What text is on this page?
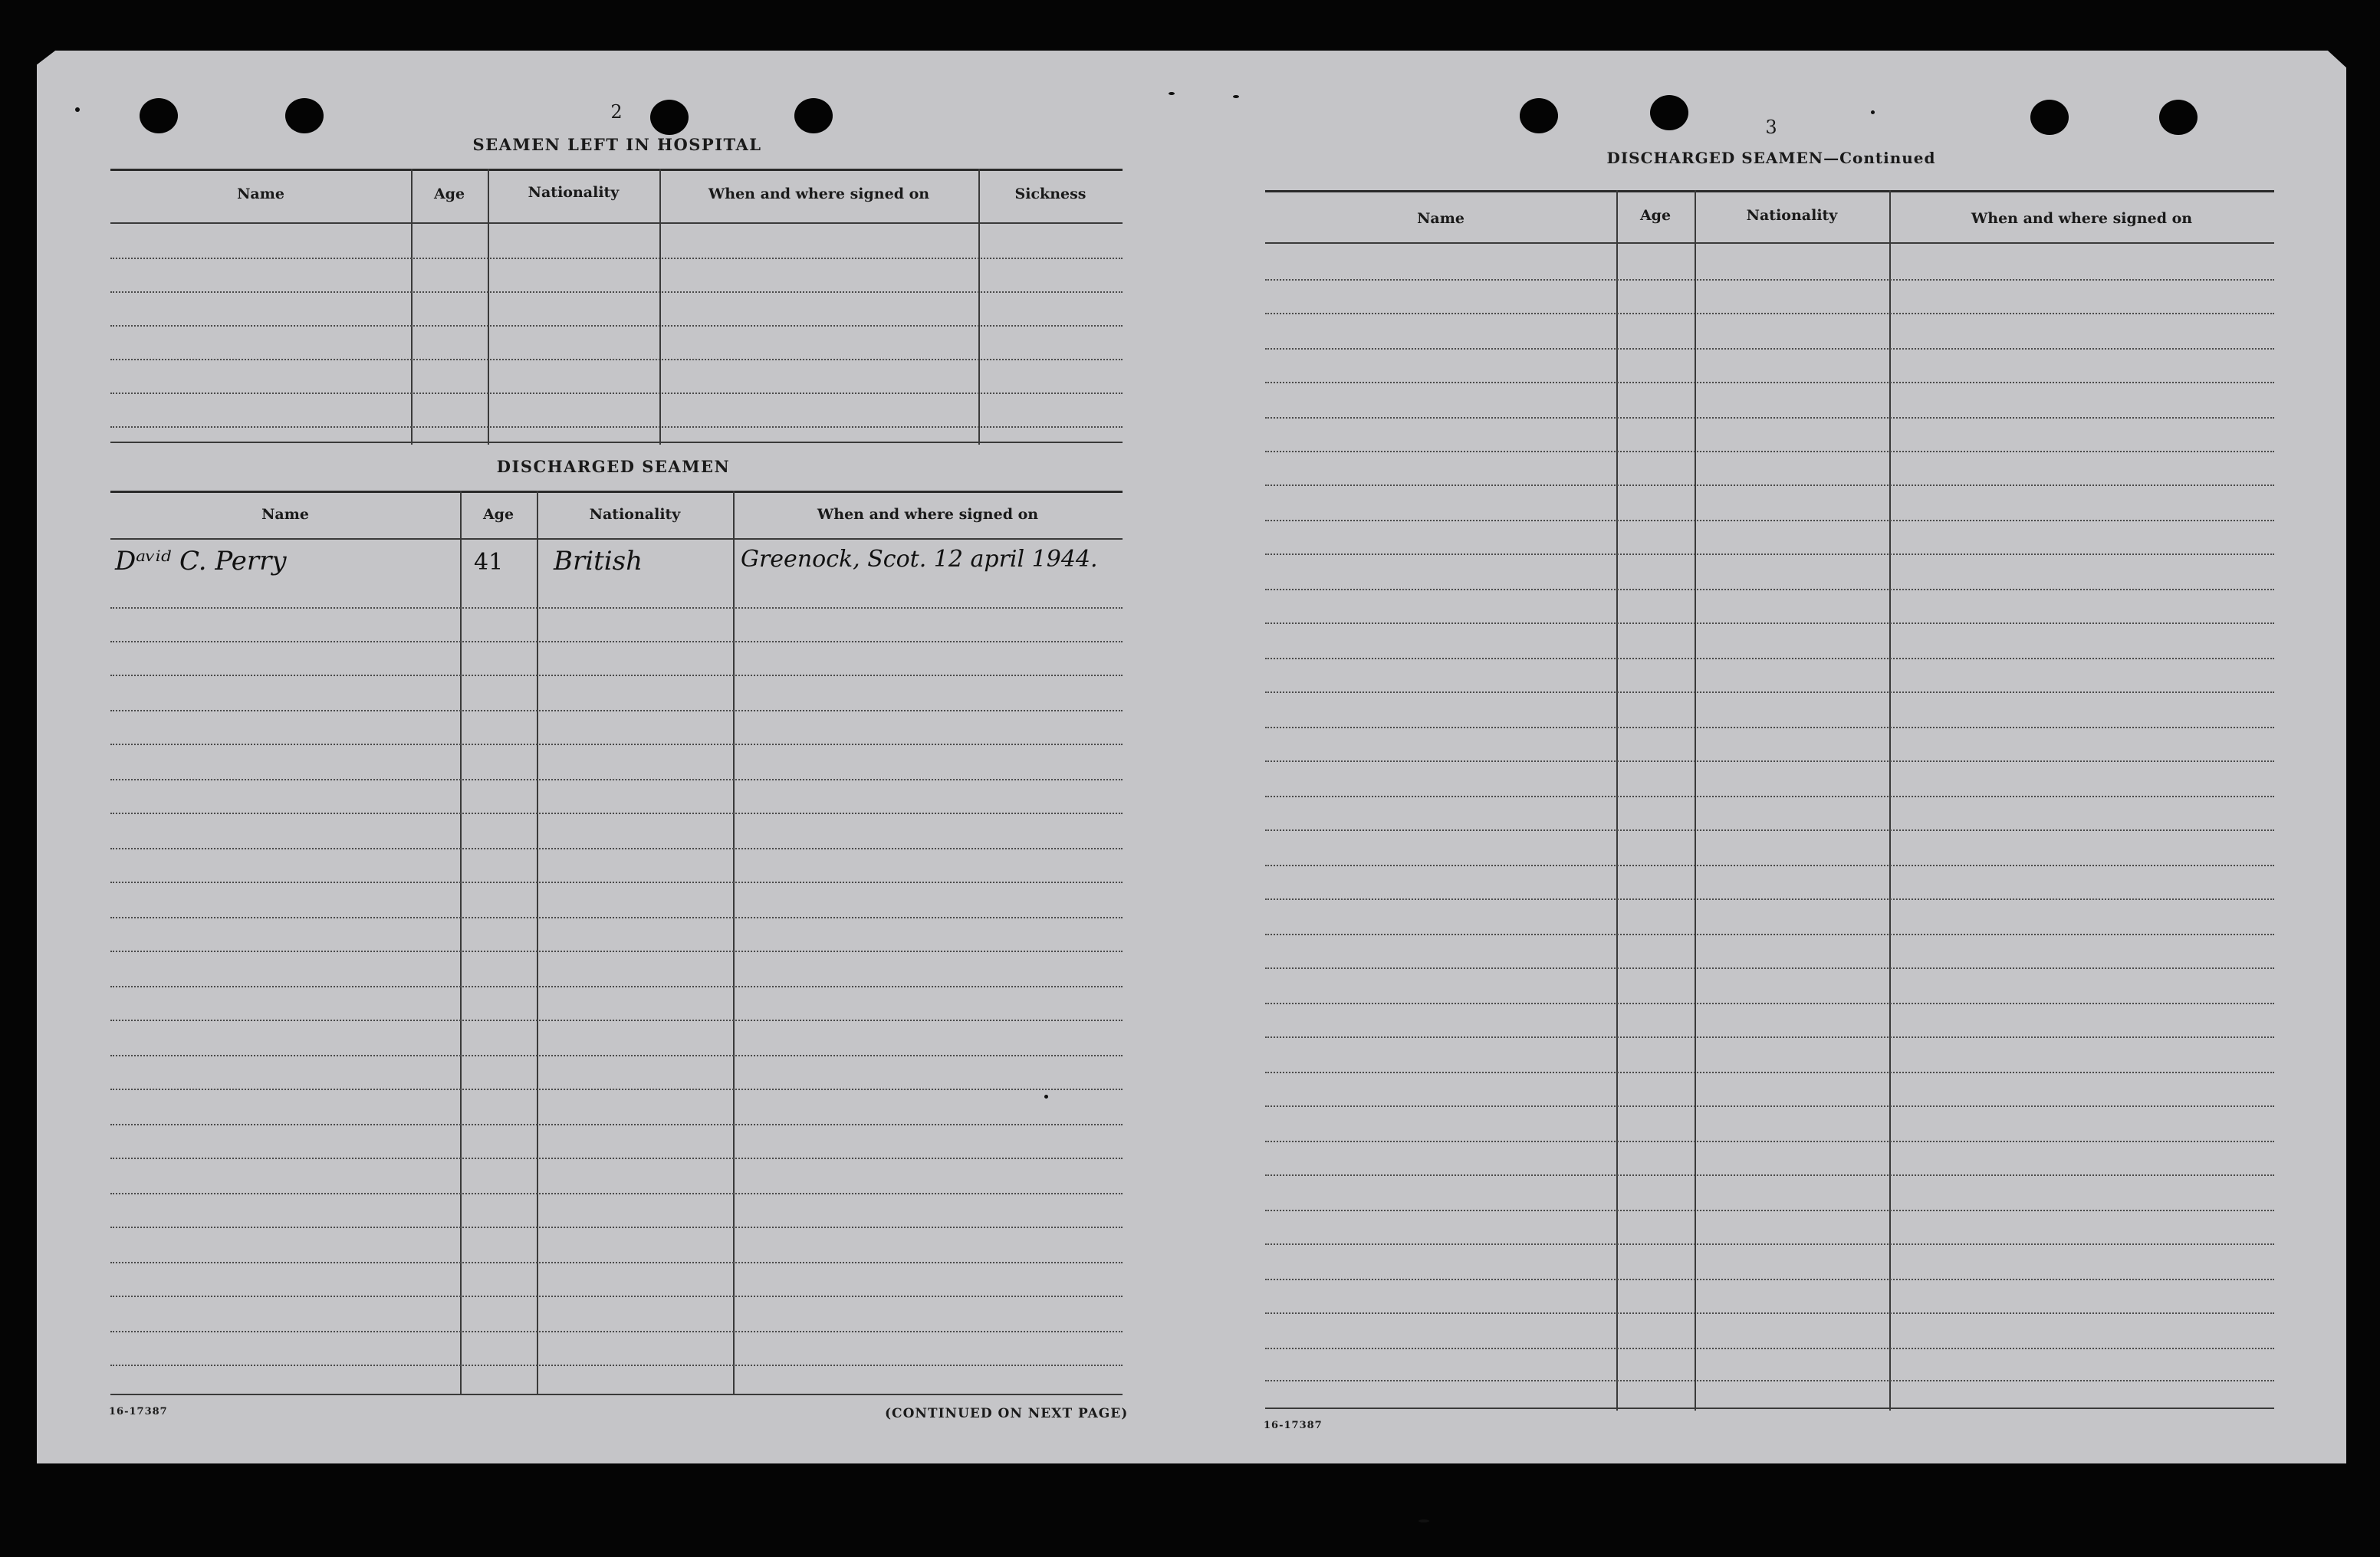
2
SEAMEN LEFT IN HOSPITAL
Name	Age	Nationality	When and where signed on	Sickness
DISCHARGED SEAMEN
Name	Age	Nationality	When and where signed on
Dᵃᵛⁱᵈ C. Perry	41 British	Greenock, Scot. 12 april 1944.
16-17387	(CONTINUED ON NEXT PAGE)
3
DISCHARGED SEAMEN—Continued
Name	Age	Nationality	When and where signed on
16-17387
